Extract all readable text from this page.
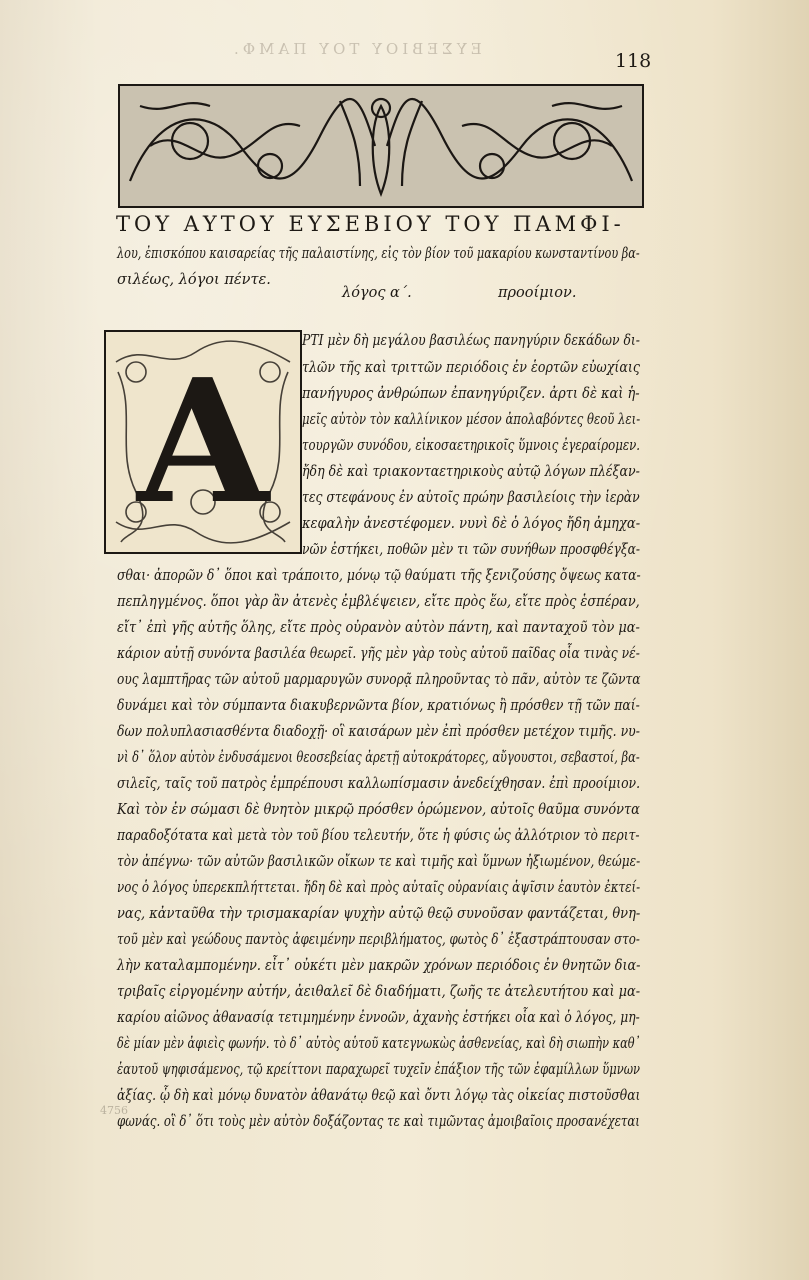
ΕΥΣΕΒΙΟΥ ΤΟΥ ΠΑΜΦ.
118
ΤΟΥ ΑΥΤΟΥ ΕΥΣΕΒΙΟΥ ΤΟΥ ΠΑΜΦΙ-
λου, ἐπισκόπου καισαρείας τῆς παλαιστίνης, εἰς τὸν βίον τοῦ μακαρίου κωνσταντίνου βα-
σιλέως, λόγοι πέντε.
λόγος α΄.	προοίμιον.
Α
ΡΤΙ μὲν δὴ μεγάλου βασιλέως πανηγύριν δεκάδων δι-
τλῶν τῆς καὶ τριττῶν περιόδοις ἐν ἑορτῶν εὐωχίαις
πανήγυρος ἀνθρώπων ἐπανηγύριζεν. ἀρτι δὲ καὶ ἡ-
μεῖς αὐτὸν τὸν καλλίνικον μέσον ἀπολαβόντες θεοῦ λει-
τουργῶν συνόδου, εἰκοσαετηρικοῖς ὕμνοις ἐγεραίρομεν.
ἤδη δὲ καὶ τριακονταετηρικοὺς αὐτῷ λόγων πλέξαν-
τες στεφάνους ἐν αὐτοῖς πρώην βασιλείοις τὴν ἱερὰν
κεφαλὴν ἀνεστέφομεν. νυνὶ δὲ ὁ λόγος ἤδη ἀμηχα-
νῶν ἐστήκει, ποθῶν μὲν τι τῶν συνήθων προσφθέγξα-
σθαι· ἀπορῶν δ᾽ ὅποι καὶ τράποιτο, μόνῳ τῷ θαύματι τῆς ξενιζούσης ὄψεως κατα-
πεπληγμένος. ὅποι γὰρ ἂν ἀτενὲς ἐμβλέψειεν, εἴτε πρὸς ἕω, εἴτε πρὸς ἑσπέραν,
εἴτ᾽ ἐπὶ γῆς αὐτῆς ὅλης, εἴτε πρὸς οὐρανὸν αὐτὸν πάντη, καὶ πανταχοῦ τὸν μα-
κάριον αὐτῇ συνόντα βασιλέα θεωρεῖ. γῆς μὲν γὰρ τοὺς αὐτοῦ παῖδας οἷα τινὰς νέ-
ους λαμπτῆρας τῶν αὐτοῦ μαρμαρυγῶν συνορᾷ πληροῦντας τὸ πᾶν, αὐτὸν τε ζῶντα
δυνάμει καὶ τὸν σύμπαντα διακυβερνῶντα βίον, κρατιόνως ἢ πρόσθεν τῇ τῶν παί-
δων πολυπλασιασθέντα διαδοχῇ· οἳ καισάρων μὲν ἐπὶ πρόσθεν μετέχον τιμῆς. νυ-
νὶ δ᾽ ὅλον αὐτὸν ἐνδυσάμενοι θεοσεβείας ἀρετῇ αὐτοκράτορες, αὔγουστοι, σεβαστοί, βα-
σιλεῖς, ταῖς τοῦ πατρὸς ἐμπρέπουσι καλλωπίσμασιν ἀνεδείχθησαν. ἐπὶ προοίμιον.
Καὶ τὸν ἐν σώμασι δὲ θνητὸν μικρῷ πρόσθεν ὁρώμενον, αὐτοῖς θαῦμα συνόντα
παραδοξότατα καὶ μετὰ τὸν τοῦ βίου τελευτήν, ὅτε ἡ φύσις ὡς ἀλλότριον τὸ περιτ-
τὸν ἀπέγνω· τῶν αὐτῶν βασιλικῶν οἴκων τε καὶ τιμῆς καὶ ὕμνων ἠξιωμένον, θεώμε-
νος ὁ λόγος ὑπερεκπλήττεται. ἤδη δὲ καὶ πρὸς αὐταῖς οὐρανίαις ἁψῖσιν ἑαυτὸν ἐκτεί-
νας, κἀνταῦθα τὴν τρισμακαρίαν ψυχὴν αὐτῷ θεῷ συνοῦσαν φαντάζεται, θνη-
τοῦ μὲν καὶ γεώδους παντὸς ἀφειμένην περιβλήματος, φωτὸς δ᾽ ἐξαστράπτουσαν στο-
λὴν καταλαμπομένην. εἶτ᾽ οὐκέτι μὲν μακρῶν χρόνων περιόδοις ἐν θνητῶν δια-
τριβαῖς εἰργομένην αὐτήν, ἀειθαλεῖ δὲ διαδήματι, ζωῆς τε ἀτελευτήτου καὶ μα-
καρίου αἰῶνος ἀθανασίᾳ τετιμημένην ἐννοῶν, ἀχανὴς ἑστήκει οἷα καὶ ὁ λόγος, μη-
δὲ μίαν μὲν ἀφιεὶς φωνήν. τὸ δ᾽ αὐτὸς αὑτοῦ κατεγνωκὼς ἀσθενείας, καὶ δὴ σιωπὴν καθ᾽
ἑαυτοῦ ψηφισάμενος, τῷ κρείττονι παραχωρεῖ τυχεῖν ἐπάξιον τῆς τῶν ἐφαμίλλων ὕμνων
ἀξίας. ᾧ δὴ καὶ μόνῳ δυνατὸν ἀθανάτῳ θεῷ καὶ ὄντι λόγῳ τὰς οἰκείας πιστοῦσθαι
φωνάς. οἳ δ᾽ ὅτι τοὺς μὲν αὐτὸν δοξάζοντας τε καὶ τιμῶντας ἀμοιβαῖοις προσανέχεται
4756
